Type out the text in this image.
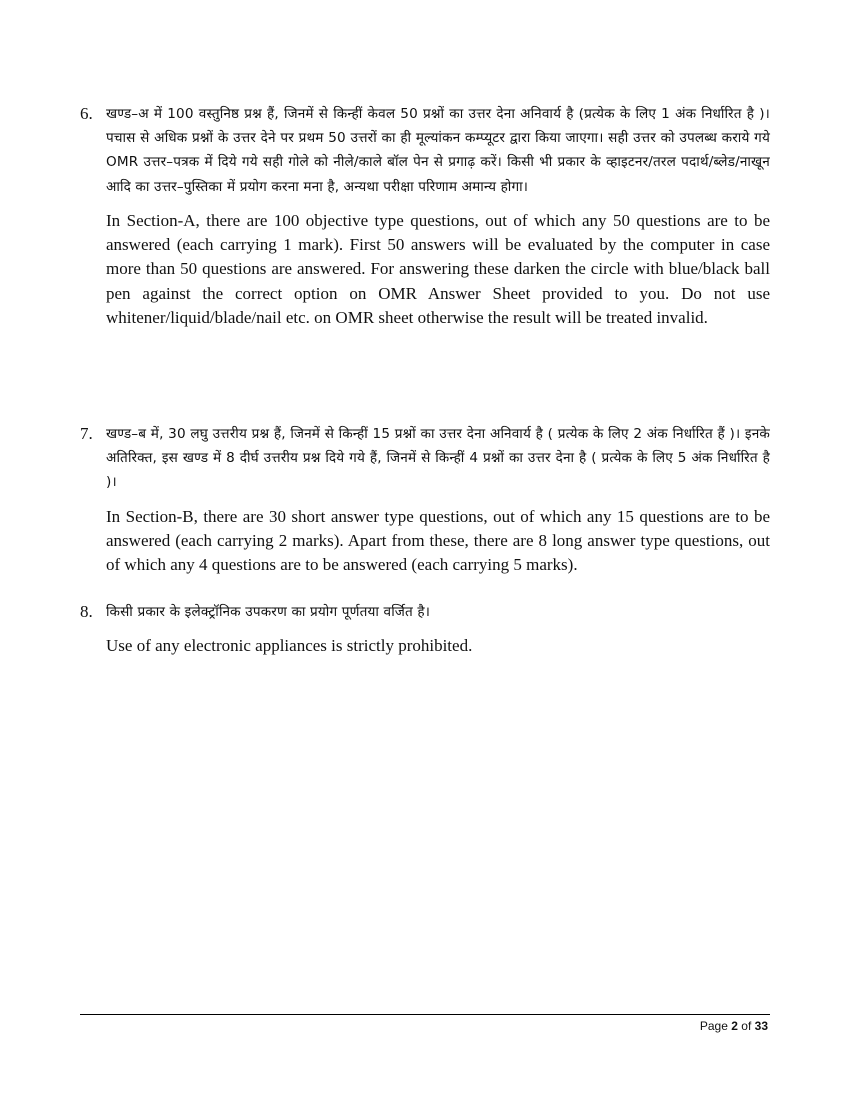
6. खण्ड–अ में 100 वस्तुनिष्ठ प्रश्न हैं, जिनमें से किन्हीं केवल 50 प्रश्नों का उत्तर देना अनिवार्य है (प्रत्येक के लिए 1 अंक निर्धारित है )। पचास से अधिक प्रश्नों के उत्तर देने पर प्रथम 50 उत्तरों का ही मूल्यांकन कम्प्यूटर द्वारा किया जाएगा। सही उत्तर को उपलब्ध कराये गये OMR उत्तर–पत्रक में दिये गये सही गोले को नीले/काले बॉल पेन से प्रगाढ़ करें। किसी भी प्रकार के व्हाइटनर/तरल पदार्थ/ब्लेड/नाखून आदि का उत्तर–पुस्तिका में प्रयोग करना मना है, अन्यथा परीक्षा परिणाम अमान्य होगा।
In Section-A, there are 100 objective type questions, out of which any 50 questions are to be answered (each carrying 1 mark). First 50 answers will be evaluated by the computer in case more than 50 questions are answered. For answering these darken the circle with blue/black ball pen against the correct option on OMR Answer Sheet provided to you. Do not use whitener/liquid/blade/nail etc. on OMR sheet otherwise the result will be treated invalid.
7. खण्ड–ब में, 30 लघु उत्तरीय प्रश्न हैं, जिनमें से किन्हीं 15 प्रश्नों का उत्तर देना अनिवार्य है ( प्रत्येक के लिए 2 अंक निर्धारित हैं )। इनके अतिरिक्त, इस खण्ड में 8 दीर्घ उत्तरीय प्रश्न दिये गये हैं, जिनमें से किन्हीं 4 प्रश्नों का उत्तर देना है ( प्रत्येक के लिए 5 अंक निर्धारित है )।
In Section-B, there are 30 short answer type questions, out of which any 15 questions are to be answered (each carrying 2 marks). Apart from these, there are 8 long answer type questions, out of which any 4 questions are to be answered (each carrying 5 marks).
8. किसी प्रकार के इलेक्ट्रॉनिक उपकरण का प्रयोग पूर्णतया वर्जित है।
Use of any electronic appliances is strictly prohibited.
Page 2 of 33
